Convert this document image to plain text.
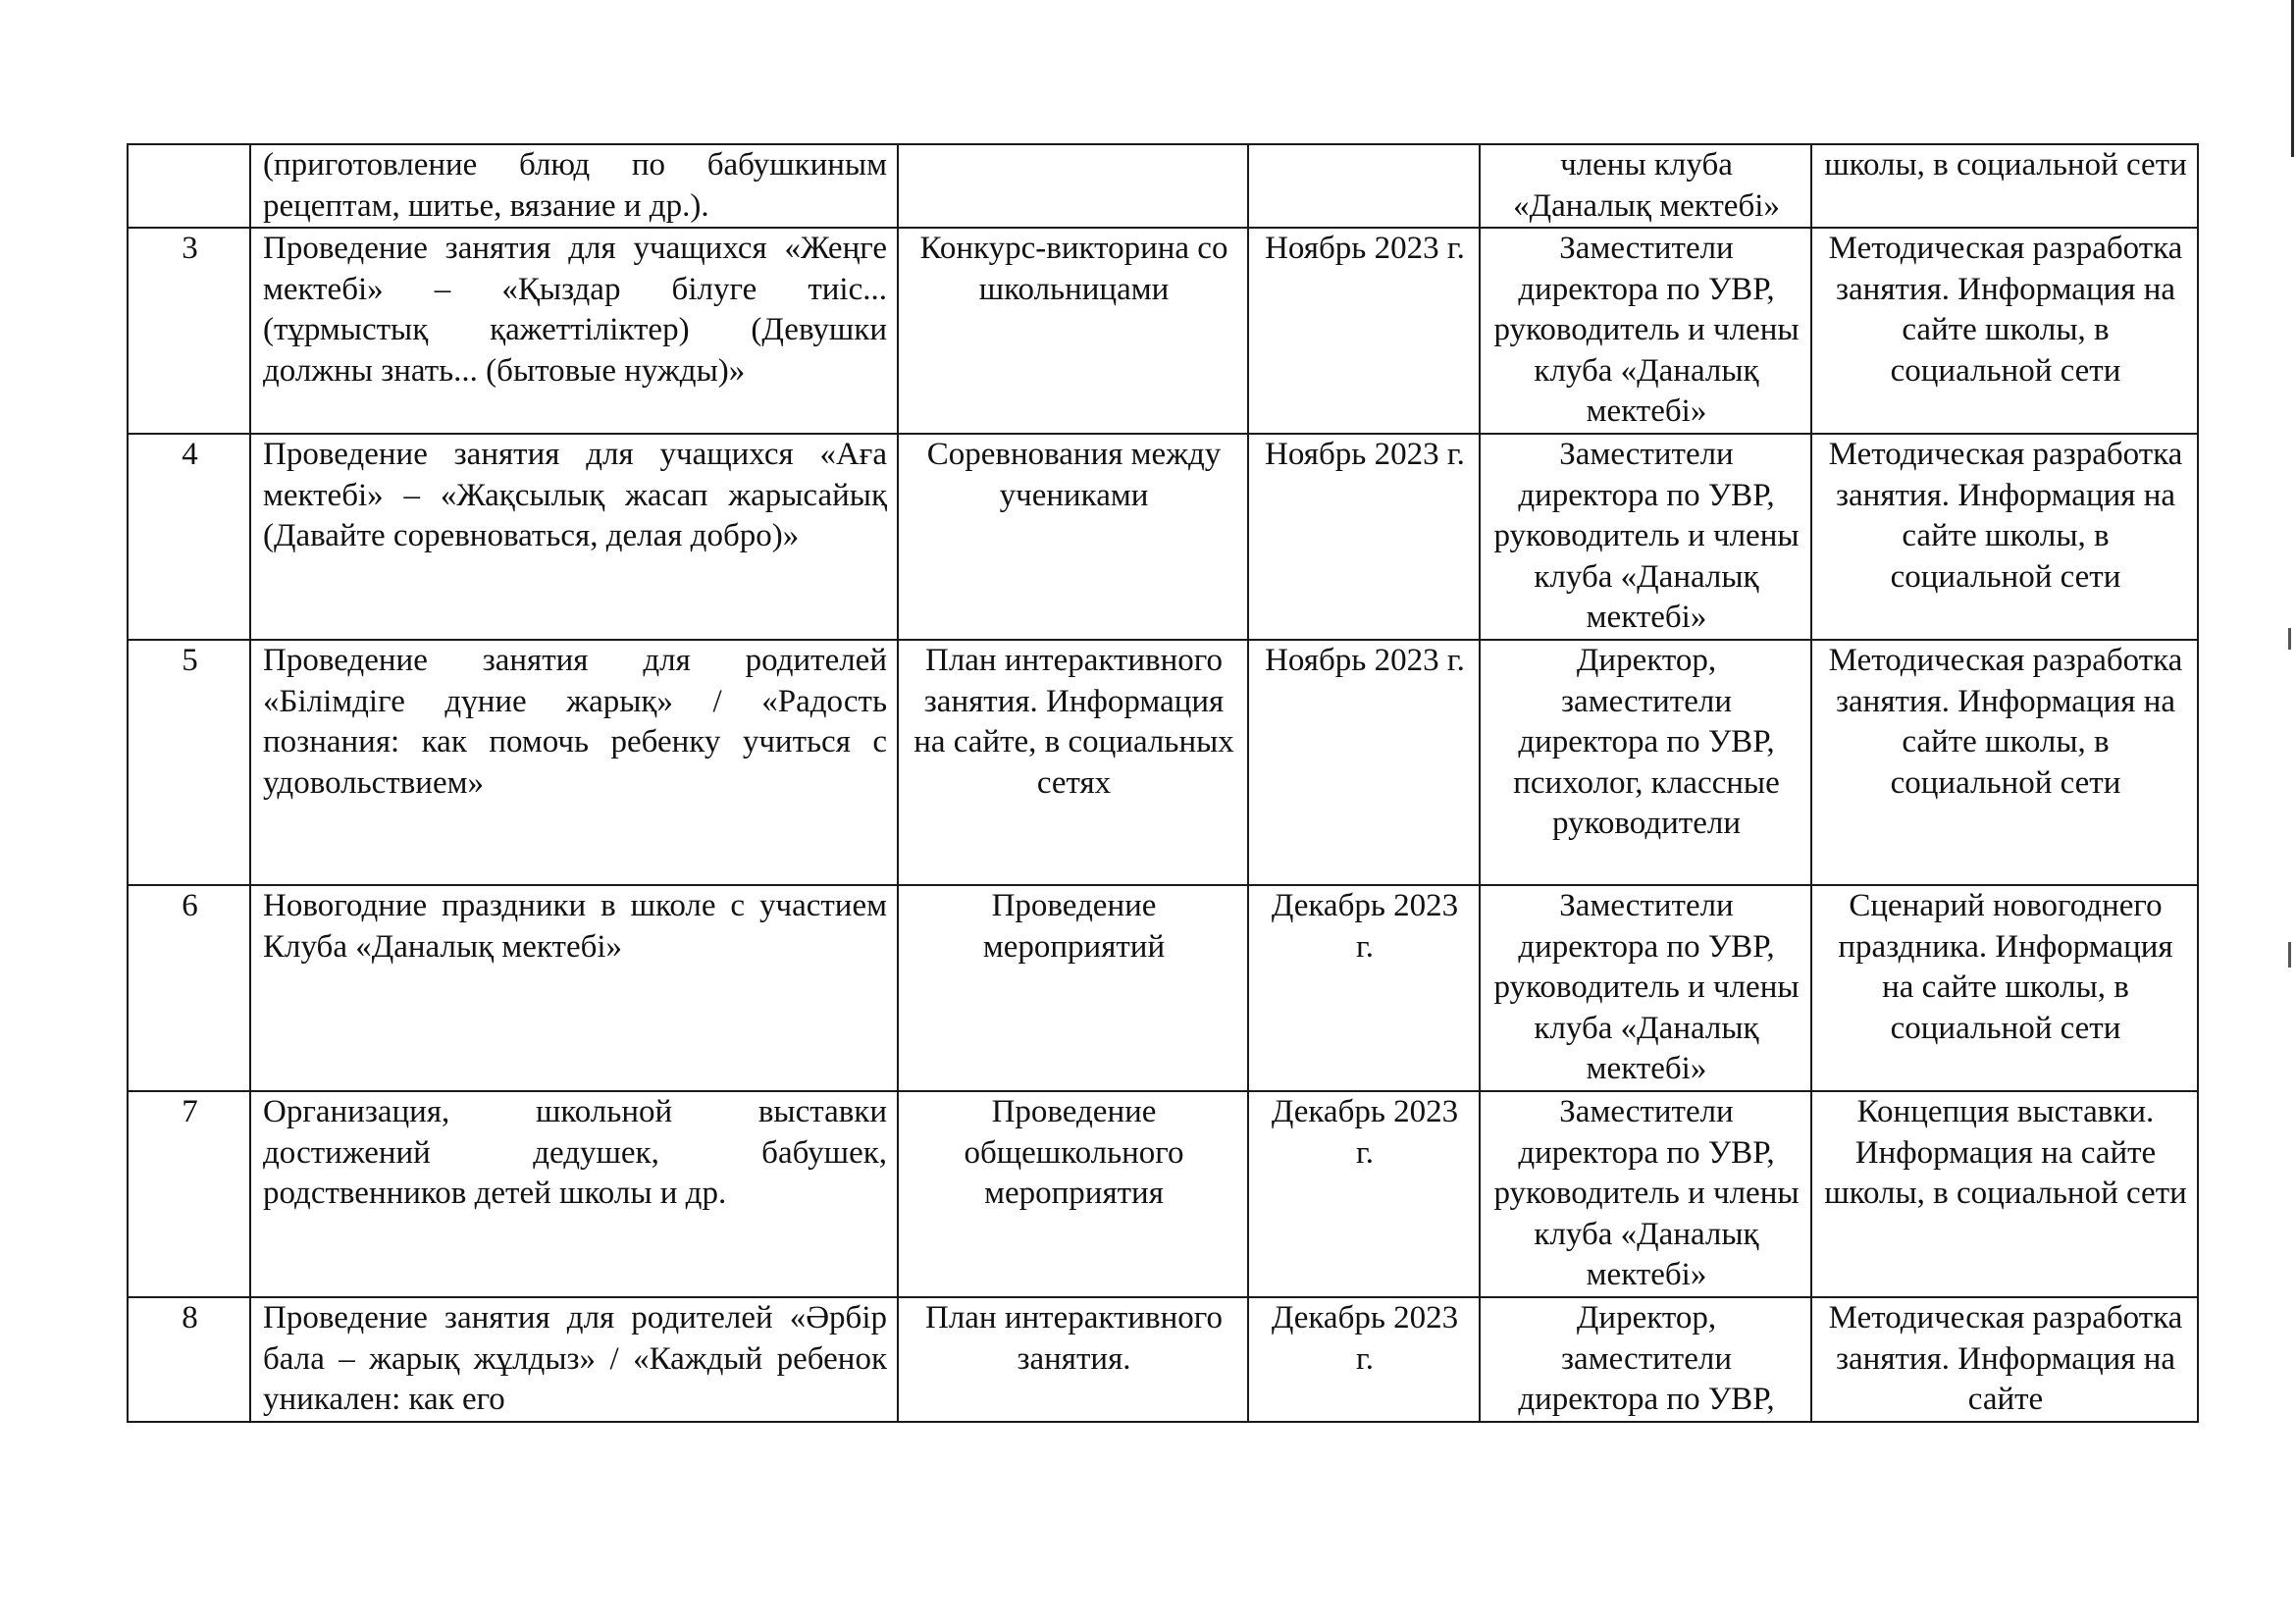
	(приготовление блюд по бабушкиным рецептам, шитье, вязание и др.).			члены клуба «Даналық мектебі»	школы, в социальной сети
3	Проведение занятия для учащихся «Жеңге мектебі» – «Қыздар білуге тиіс... (тұрмыстық қажеттіліктер) (Девушки должны знать... (бытовые нужды)»	Конкурс-викторина со школьницами	Ноябрь 2023 г.	Заместители директора по УВР, руководитель и члены клуба «Даналық мектебі»	Методическая разработка занятия. Информация на сайте школы, в социальной сети
4	Проведение занятия для учащихся «Аға мектебі» – «Жақсылық жасап жарысайық (Давайте соревноваться, делая добро)»	Соревнования между учениками	Ноябрь 2023 г.	Заместители директора по УВР, руководитель и члены клуба «Даналық мектебі»	Методическая разработка занятия. Информация на сайте школы, в социальной сети
5	Проведение занятия для родителей «Білімдіге дүние жарық» / «Радость познания: как помочь ребенку учиться с удовольствием»	План интерактивного занятия. Информация на сайте, в социальных сетях	Ноябрь 2023 г.	Директор, заместители директора по УВР, психолог, классные руководители	Методическая разработка занятия. Информация на сайте школы, в социальной сети
6	Новогодние праздники в школе с участием Клуба «Даналық мектебі»	Проведение мероприятий	Декабрь 2023 г.	Заместители директора по УВР, руководитель и члены клуба «Даналық мектебі»	Сценарий новогоднего праздника. Информация на сайте школы, в социальной сети
7	Организация, школьной выставки достижений дедушек, бабушек, родственников детей школы и др.	Проведение общешкольного мероприятия	Декабрь 2023 г.	Заместители директора по УВР, руководитель и члены клуба «Даналық мектебі»	Концепция выставки. Информация на сайте школы, в социальной сети
8	Проведение занятия для родителей «Әрбір бала – жарық жұлдыз» / «Каждый ребенок уникален: как его	План интерактивного занятия.	Декабрь 2023 г.	Директор, заместители директора по УВР,	Методическая разработка занятия. Информация на сайте
